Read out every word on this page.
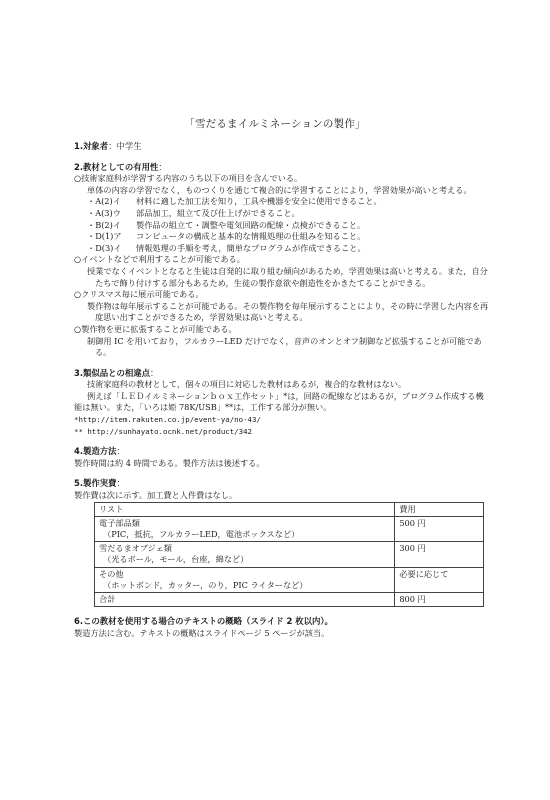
「雪だるまイルミネーションの製作」

1.対象者：中学生

2.教材としての有用性：

○技術家庭科が学習する内容のうち以下の項目を含んでいる。

単体の内容の学習でなく，ものつくりを通じて複合的に学習することにより，学習効果が高いと考える。

・A(2)イ 材料に適した加工法を知り，工具や機器を安全に使用できること。

・A(3)ウ 部品加工，組立て及び仕上げができること。

・B(2)イ 製作品の組立て・調整や電気回路の配線・点検ができること。

・D(1)ア コンピュータの構成と基本的な情報処理の仕組みを知ること。

・D(3)イ 情報処理の手順を考え，簡単なプログラムが作成できること。

○イベントなどで利用することが可能である。

授業でなくイベントとなると生徒は自発的に取り組む傾向があるため，学習効果は高いと考える。また，自分たちで飾り付けする部分もあるため，生徒の製作意欲や創造性をかきたてることができる。

○クリスマス毎に展示可能である。

製作物は毎年展示することが可能である。その製作物を毎年展示することにより，その時に学習した内容を再度思い出すことができるため，学習効果は高いと考える。

○製作物を更に拡張することが可能である。

制御用 IC を用いており，フルカラーLED だけでなく，音声のオンとオフ制御など拡張することが可能である。

3.類似品との相違点：

技術家庭科の教材として，個々の項目に対応した教材はあるが，複合的な教材はない。

例えば「ＬＥＤイルミネーションｂｏｘ工作セット」*は，回路の配線などはあるが，プログラム作成する機能は無い。また，「いろは姫 78K/USB」**は，工作する部分が無い。

*http://item.rakuten.co.jp/event-ya/no-43/

** http://sunhayato.ocnk.net/product/342

4.製造方法：

製作時間は約 4 時間である。製作方法は後述する。

5.製作実費：

製作費は次に示す。加工費と人件費はなし。

リスト	費用
電子部品類
（PIC，抵抗，フルカラーLED，電池ボックスなど）	500 円
雪だるまオブジェ類
（光るボール，モール，台座，綿など）	300 円
その他
（ホットボンド，カッター，のり，PIC ライターなど）	必要に応じて
合計	800 円

6.この教材を使用する場合のテキストの概略（スライド 2 枚以内）。

製造方法に含む。テキストの概略はスライドページ 5 ページが該当。
